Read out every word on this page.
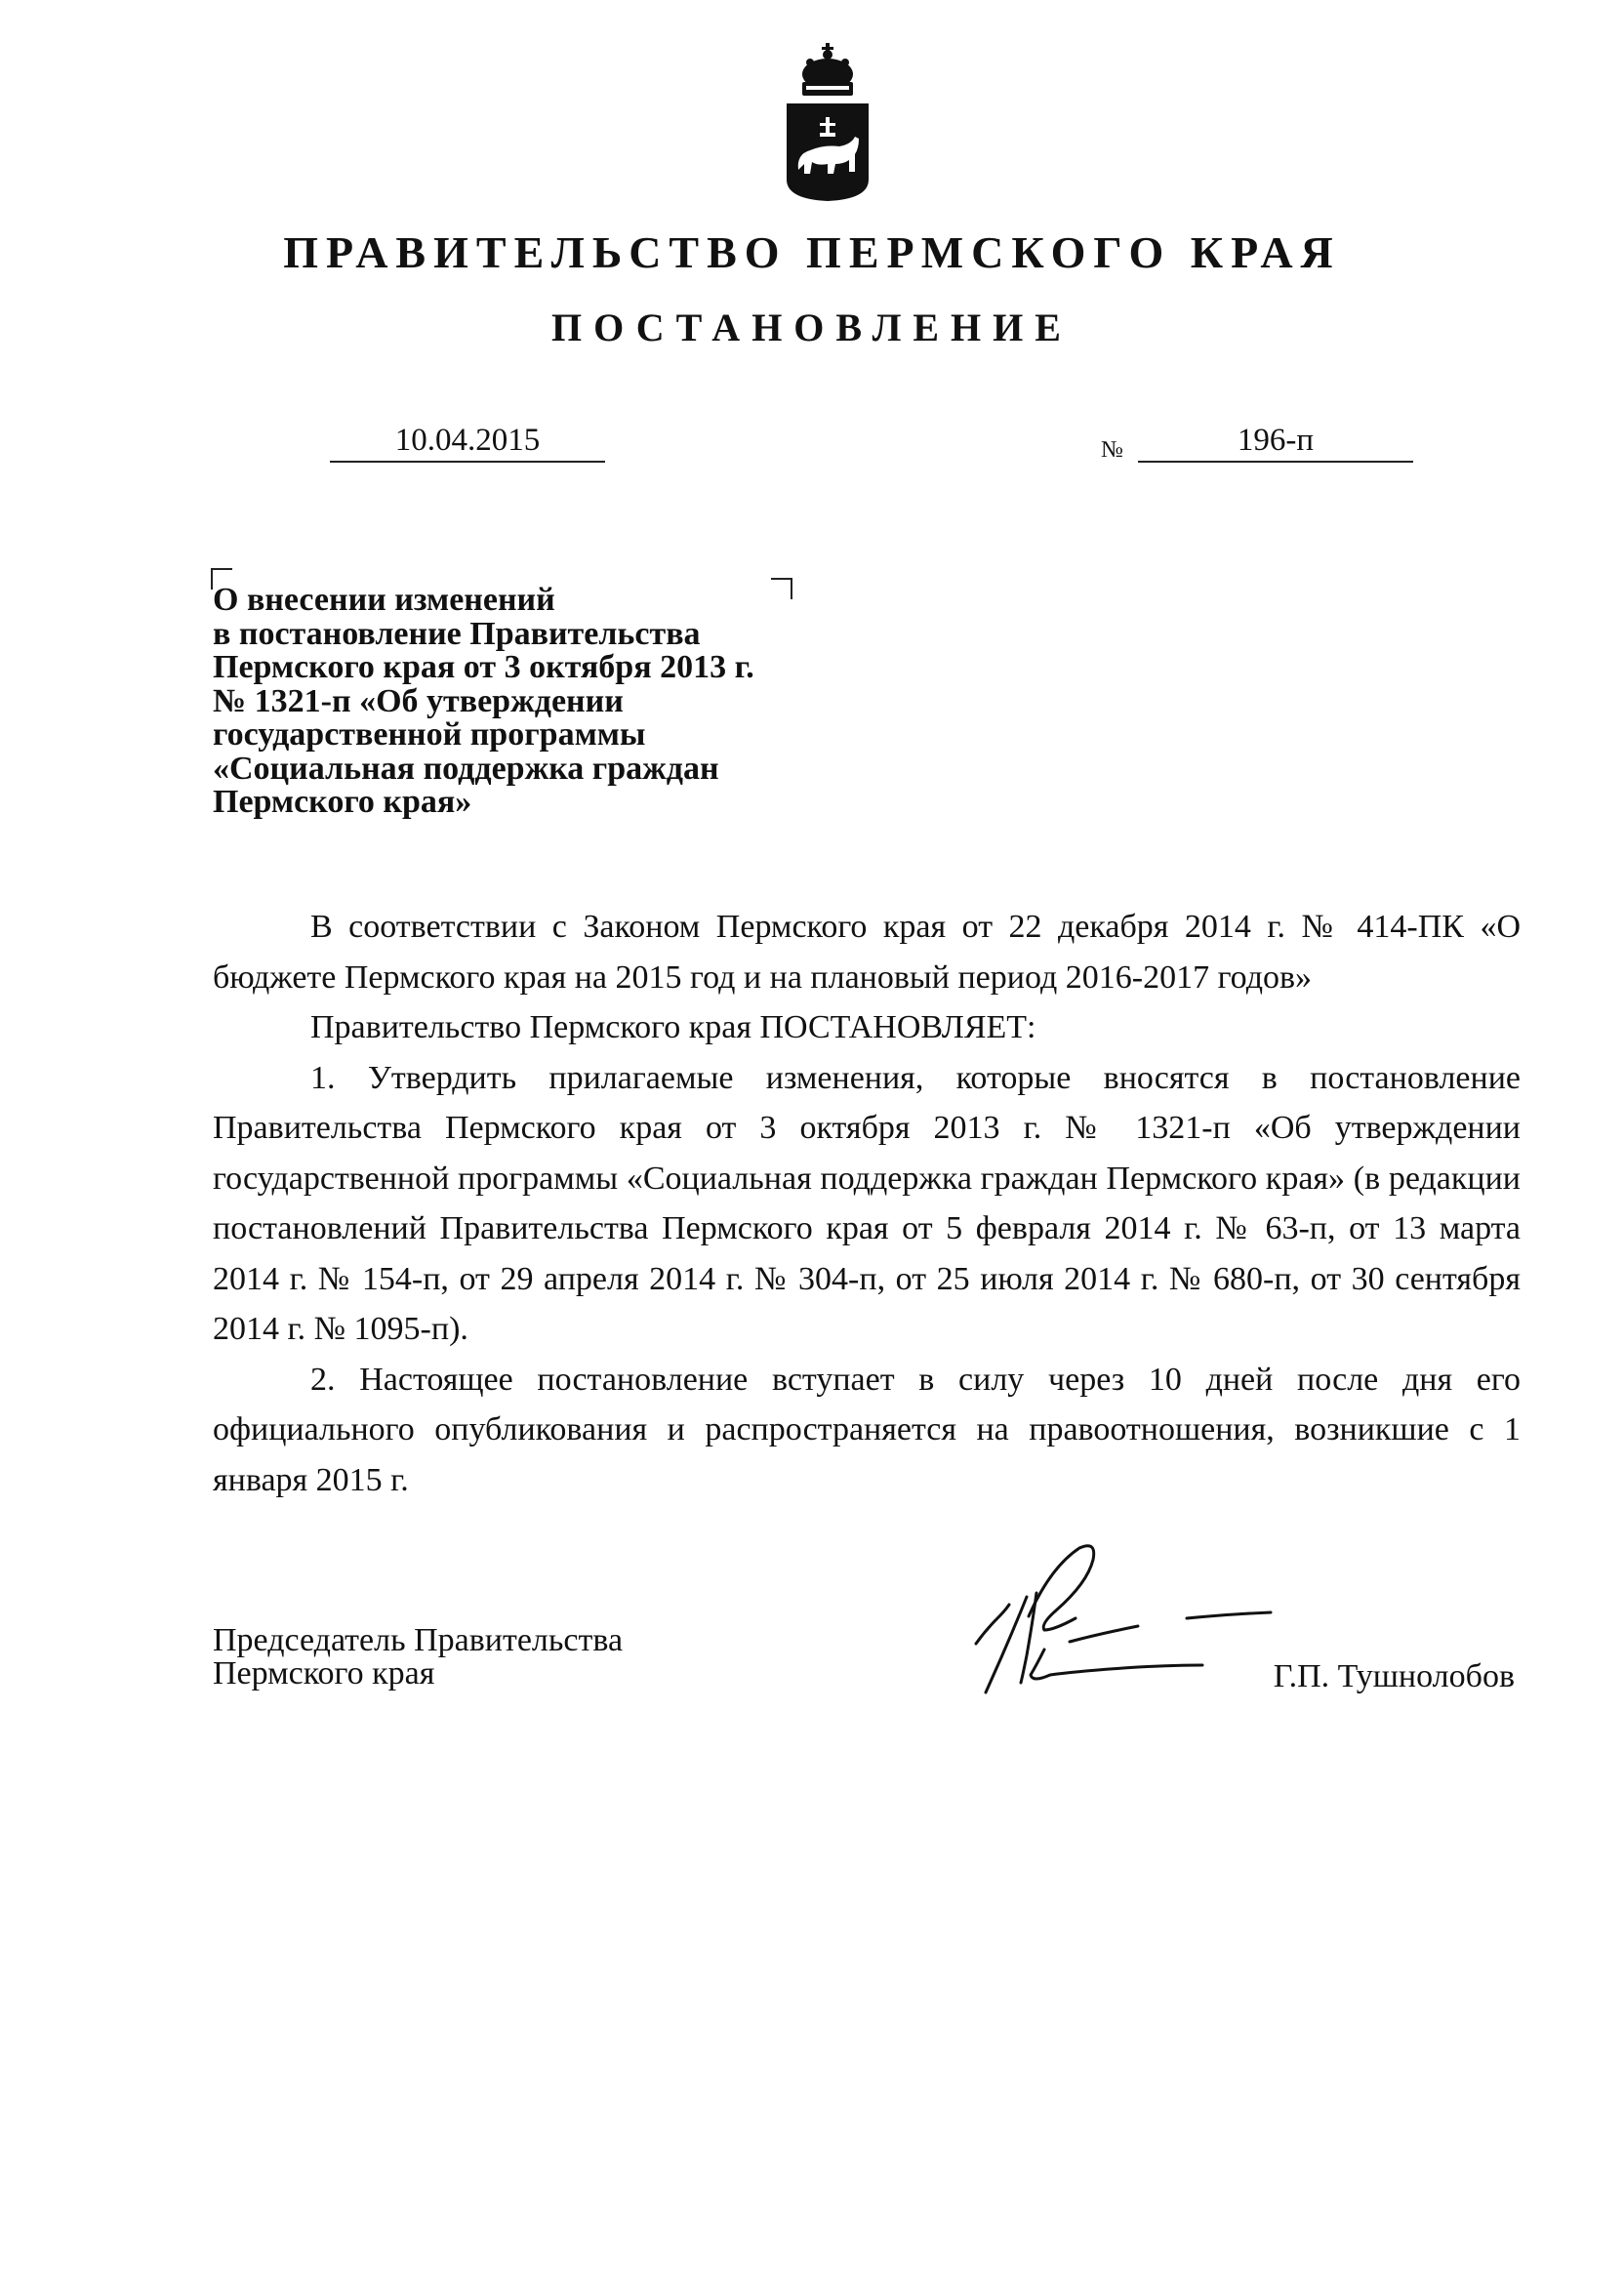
ПРАВИТЕЛЬСТВО ПЕРМСКОГО КРАЯ
ПОСТАНОВЛЕНИЕ
10.04.2015	№	196-п
О внесении изменений
в постановление Правительства
Пермского края от 3 октября 2013 г.
№ 1321-п «Об утверждении
государственной программы
«Социальная поддержка граждан
Пермского края»

В соответствии с Законом Пермского края от 22 декабря 2014 г. № 414-ПК «О бюджете Пермского края на 2015 год и на плановый период 2016-2017 годов»

Правительство Пермского края ПОСТАНОВЛЯЕТ:

1. Утвердить прилагаемые изменения, которые вносятся в постановление Правительства Пермского края от 3 октября 2013 г. № 1321-п «Об утверждении государственной программы «Социальная поддержка граждан Пермского края» (в редакции постановлений Правительства Пермского края от 5 февраля 2014 г. № 63-п, от 13 марта 2014 г. № 154-п, от 29 апреля 2014 г. № 304-п, от 25 июля 2014 г. № 680-п, от 30 сентября 2014 г. № 1095-п).

2. Настоящее постановление вступает в силу через 10 дней после дня его официального опубликования и распространяется на правоотношения, возникшие с 1 января 2015 г.

Председатель Правительства
Пермского края	Г.П. Тушнолобов
